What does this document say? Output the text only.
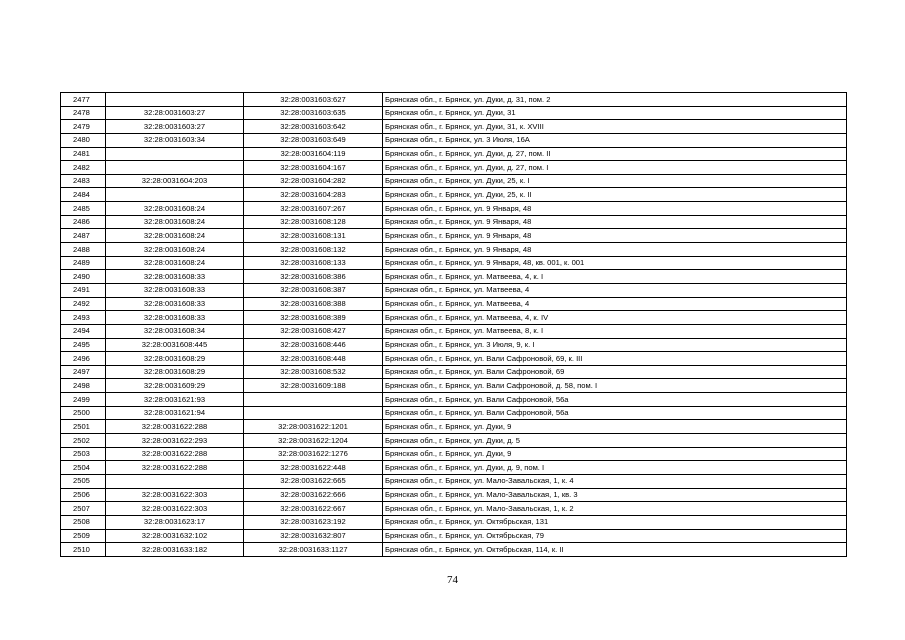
2477		32:28:0031603:627	Брянская обл., г. Брянск, ул. Дуки, д. 31, пом. 2
2478	32:28:0031603:27	32:28:0031603:635	Брянская обл., г. Брянск, ул. Дуки, 31
2479	32:28:0031603:27	32:28:0031603:642	Брянская обл., г. Брянск, ул. Дуки, 31, к. XVIII
2480	32:28:0031603:34	32:28:0031603:649	Брянская обл., г. Брянск, ул. 3 Июля, 16А
2481		32:28:0031604:119	Брянская обл., г. Брянск, ул. Дуки, д. 27, пом. II
2482		32:28:0031604:167	Брянская обл., г. Брянск, ул. Дуки, д. 27, пом. I
2483	32:28:0031604:203	32:28:0031604:282	Брянская обл., г. Брянск, ул. Дуки, 25, к. I
2484		32:28:0031604:283	Брянская обл., г. Брянск, ул. Дуки, 25, к. II
2485	32:28:0031608:24	32:28:0031607:267	Брянская обл., г. Брянск, ул. 9 Января, 48
2486	32:28:0031608:24	32:28:0031608:128	Брянская обл., г. Брянск, ул. 9 Января, 48
2487	32:28:0031608:24	32:28:0031608:131	Брянская обл., г. Брянск, ул. 9 Января, 48
2488	32:28:0031608:24	32:28:0031608:132	Брянская обл., г. Брянск, ул. 9 Января, 48
2489	32:28:0031608:24	32:28:0031608:133	Брянская обл., г. Брянск, ул. 9 Января, 48, кв. 001, к. 001
2490	32:28:0031608:33	32:28:0031608:386	Брянская обл., г. Брянск, ул. Матвеева, 4, к. I
2491	32:28:0031608:33	32:28:0031608:387	Брянская обл., г. Брянск, ул. Матвеева, 4
2492	32:28:0031608:33	32:28:0031608:388	Брянская обл., г. Брянск, ул. Матвеева, 4
2493	32:28:0031608:33	32:28:0031608:389	Брянская обл., г. Брянск, ул. Матвеева, 4, к. IV
2494	32:28:0031608:34	32:28:0031608:427	Брянская обл., г. Брянск, ул. Матвеева, 8, к. I
2495	32:28:0031608:445	32:28:0031608:446	Брянская обл., г. Брянск, ул. 3 Июля, 9, к. I
2496	32:28:0031608:29	32:28:0031608:448	Брянская обл., г. Брянск, ул. Вали Сафроновой, 69, к. III
2497	32:28:0031608:29	32:28:0031608:532	Брянская обл., г. Брянск, ул. Вали Сафроновой, 69
2498	32:28:0031609:29	32:28:0031609:188	Брянская обл., г. Брянск, ул. Вали Сафроновой, д. 58, пом. I
2499	32:28:0031621:93		Брянская обл., г. Брянск, ул. Вали Сафроновой, 56а
2500	32:28:0031621:94		Брянская обл., г. Брянск, ул. Вали Сафроновой, 56а
2501	32:28:0031622:288	32:28:0031622:1201	Брянская обл., г. Брянск, ул. Дуки, 9
2502	32:28:0031622:293	32:28:0031622:1204	Брянская обл., г. Брянск, ул. Дуки, д. 5
2503	32:28:0031622:288	32:28:0031622:1276	Брянская обл., г. Брянск, ул. Дуки, 9
2504	32:28:0031622:288	32:28:0031622:448	Брянская обл., г. Брянск, ул. Дуки, д. 9, пом. I
2505		32:28:0031622:665	Брянская обл., г. Брянск, ул. Мало-Завальская, 1, к. 4
2506	32:28:0031622:303	32:28:0031622:666	Брянская обл., г. Брянск, ул. Мало-Завальская, 1, кв. 3
2507	32:28:0031622:303	32:28:0031622:667	Брянская обл., г. Брянск, ул. Мало-Завальская, 1, к. 2
2508	32:28:0031623:17	32:28:0031623:192	Брянская обл., г. Брянск, ул. Октябрьская, 131
2509	32:28:0031632:102	32:28:0031632:807	Брянская обл., г. Брянск, ул. Октябрьская, 79
2510	32:28:0031633:182	32:28:0031633:1127	Брянская обл., г. Брянск, ул. Октябрьская, 114, к. II
74
